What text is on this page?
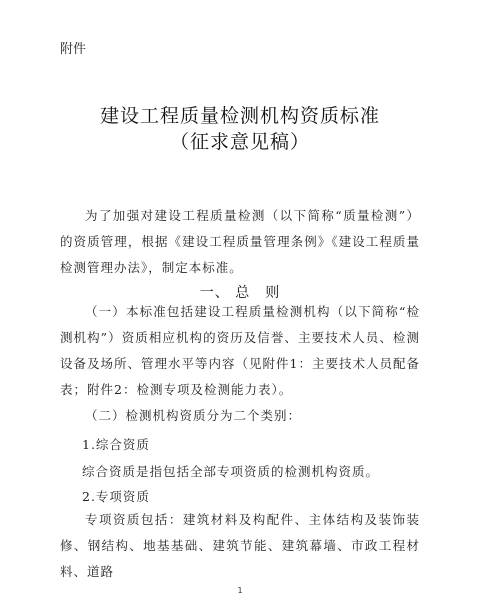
附件
建设工程质量检测机构资质标准
（征求意见稿）
为了加强对建设工程质量检测（以下简称“质量检测”）的资质管理，根据《建设工程质量管理条例》《建设工程质量检测管理办法》，制定本标准。
一、 总　则
（一）本标准包括建设工程质量检测机构（以下简称“检测机构”）资质相应机构的资历及信誉、主要技术人员、检测设备及场所、管理水平等内容（见附件1：主要技术人员配备表；附件2：检测专项及检测能力表）。
（二）检测机构资质分为二个类别：
1.综合资质
综合资质是指包括全部专项资质的检测机构资质。
2.专项资质
专项资质包括：建筑材料及构配件、主体结构及装饰装修、钢结构、地基基础、建筑节能、建筑幕墙、市政工程材料、道路
1
